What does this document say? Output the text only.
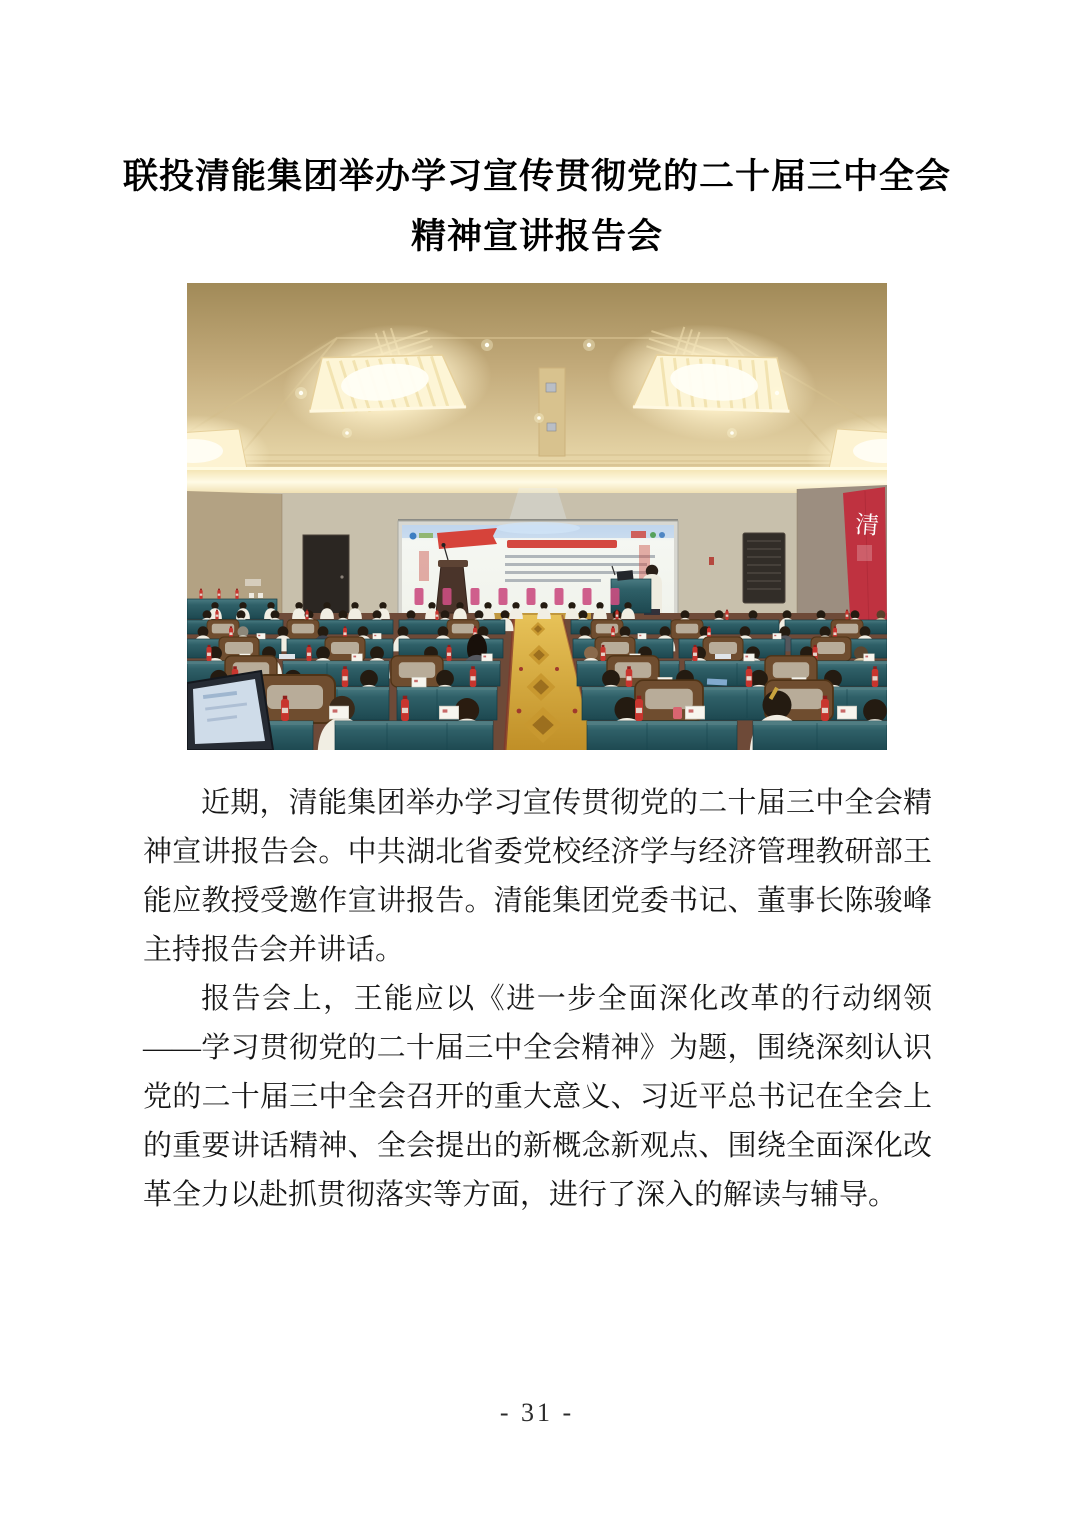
联投清能集团举办学习宣传贯彻党的二十届三中全会
精神宣讲报告会
清

近期，清能集团举办学习宣传贯彻党的二十届三中全会精神宣讲报告会。中共湖北省委党校经济学与经济管理教研部王能应教授受邀作宣讲报告。清能集团党委书记、董事长陈骏峰主持报告会并讲话。

报告会上，王能应以《进一步全面深化改革的行动纲领——学习贯彻党的二十届三中全会精神》为题，围绕深刻认识党的二十届三中全会召开的重大意义、习近平总书记在全会上的重要讲话精神、全会提出的新概念新观点、围绕全面深化改革全力以赴抓贯彻落实等方面，进行了深入的解读与辅导。

- 31 -
